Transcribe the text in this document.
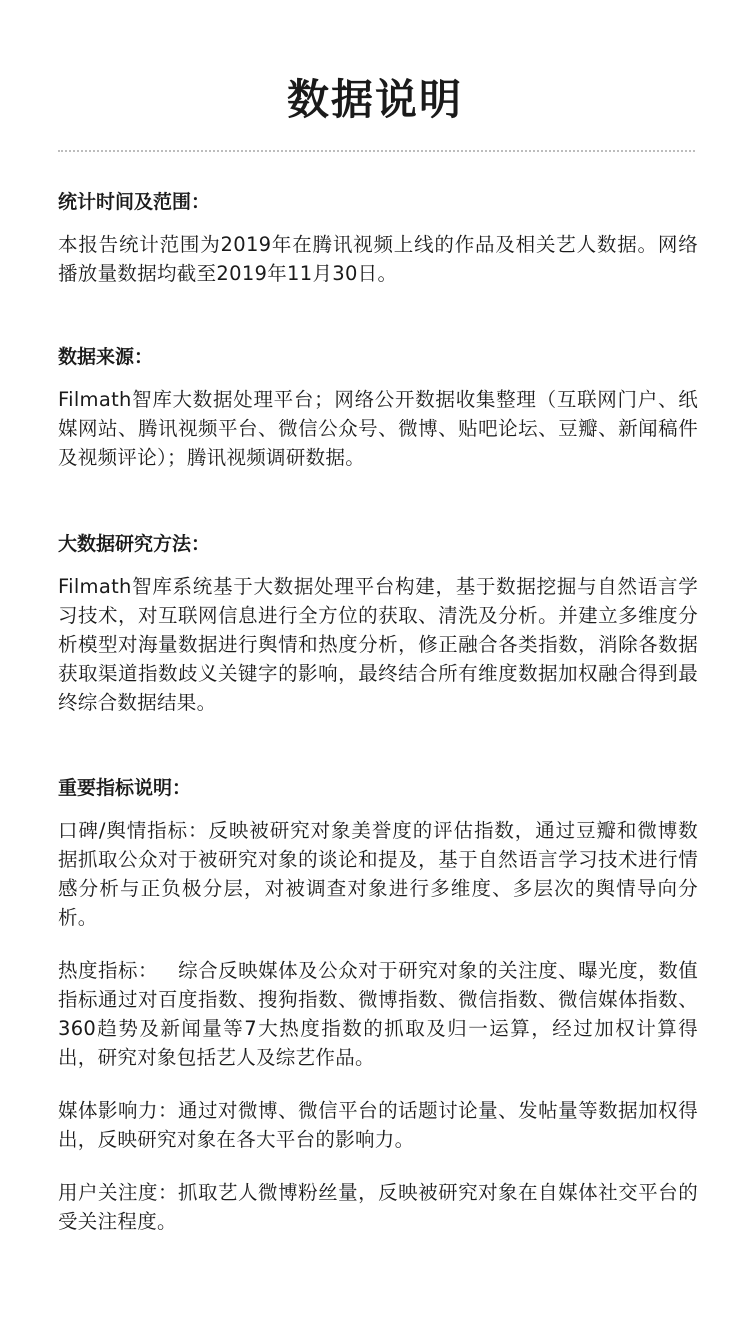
数据说明
统计时间及范围：

本报告统计范围为2019年在腾讯视频上线的作品及相关艺人数据。网络播放量数据均截至2019年11月30日。

数据来源：

Filmath智库大数据处理平台；网络公开数据收集整理（互联网门户、纸媒网站、腾讯视频平台、微信公众号、微博、贴吧论坛、豆瓣、新闻稿件及视频评论）；腾讯视频调研数据。

大数据研究方法：

Filmath智库系统基于大数据处理平台构建，基于数据挖掘与自然语言学习技术，对互联网信息进行全方位的获取、清洗及分析。并建立多维度分析模型对海量数据进行舆情和热度分析，修正融合各类指数，消除各数据获取渠道指数歧义关键字的影响，最终结合所有维度数据加权融合得到最终综合数据结果。

重要指标说明：

口碑/舆情指标：反映被研究对象美誉度的评估指数，通过豆瓣和微博数据抓取公众对于被研究对象的谈论和提及，基于自然语言学习技术进行情感分析与正负极分层，对被调查对象进行多维度、多层次的舆情导向分析。

热度指标：   综合反映媒体及公众对于研究对象的关注度、曝光度，数值指标通过对百度指数、搜狗指数、微博指数、微信指数、微信媒体指数、360趋势及新闻量等7大热度指数的抓取及归一运算，经过加权计算得出，研究对象包括艺人及综艺作品。

媒体影响力：通过对微博、微信平台的话题讨论量、发帖量等数据加权得出，反映研究对象在各大平台的影响力。

用户关注度：抓取艺人微博粉丝量，反映被研究对象在自媒体社交平台的受关注程度。
